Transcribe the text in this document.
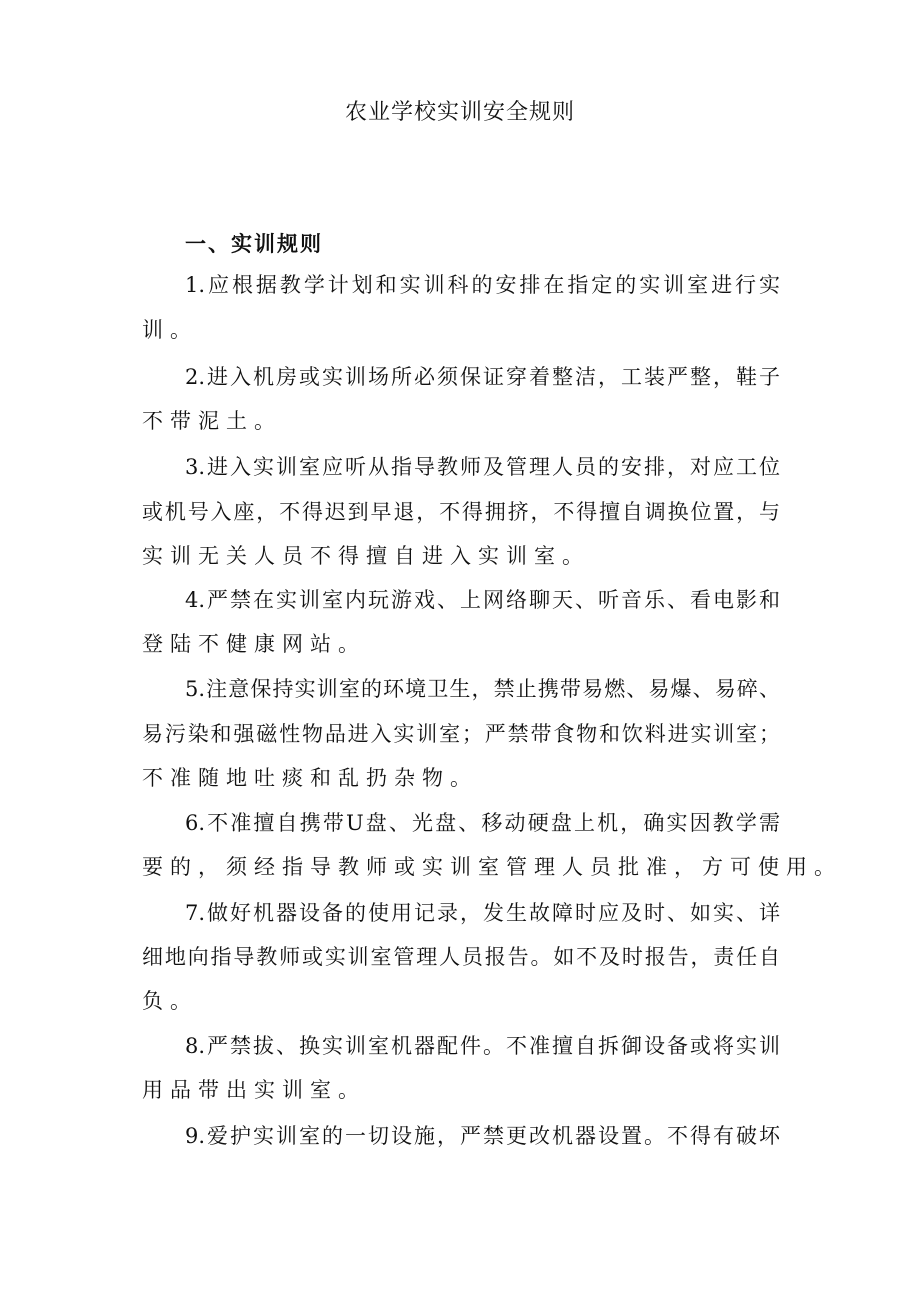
农业学校实训安全规则
一、实训规则
1.应根据教学计划和实训科的安排在指定的实训室进行实
训。
2.进入机房或实训场所必须保证穿着整洁，工装严整，鞋子
不带泥土。
3.进入实训室应听从指导教师及管理人员的安排，对应工位
或机号入座，不得迟到早退，不得拥挤，不得擅自调换位置，与
实训无关人员不得擅自进入实训室。
4.严禁在实训室内玩游戏、上网络聊天、听音乐、看电影和
登陆不健康网站。
5.注意保持实训室的环境卫生，禁止携带易燃、易爆、易碎、
易污染和强磁性物品进入实训室；严禁带食物和饮料进实训室；
不准随地吐痰和乱扔杂物。
6.不准擅自携带U盘、光盘、移动硬盘上机，确实因教学需
要的，须经指导教师或实训室管理人员批准，方可使用。
7.做好机器设备的使用记录，发生故障时应及时、如实、详
细地向指导教师或实训室管理人员报告。如不及时报告，责任自
负。
8.严禁拔、换实训室机器配件。不准擅自拆御设备或将实训
用品带出实训室。
9.爱护实训室的一切设施，严禁更改机器设置。不得有破坏
